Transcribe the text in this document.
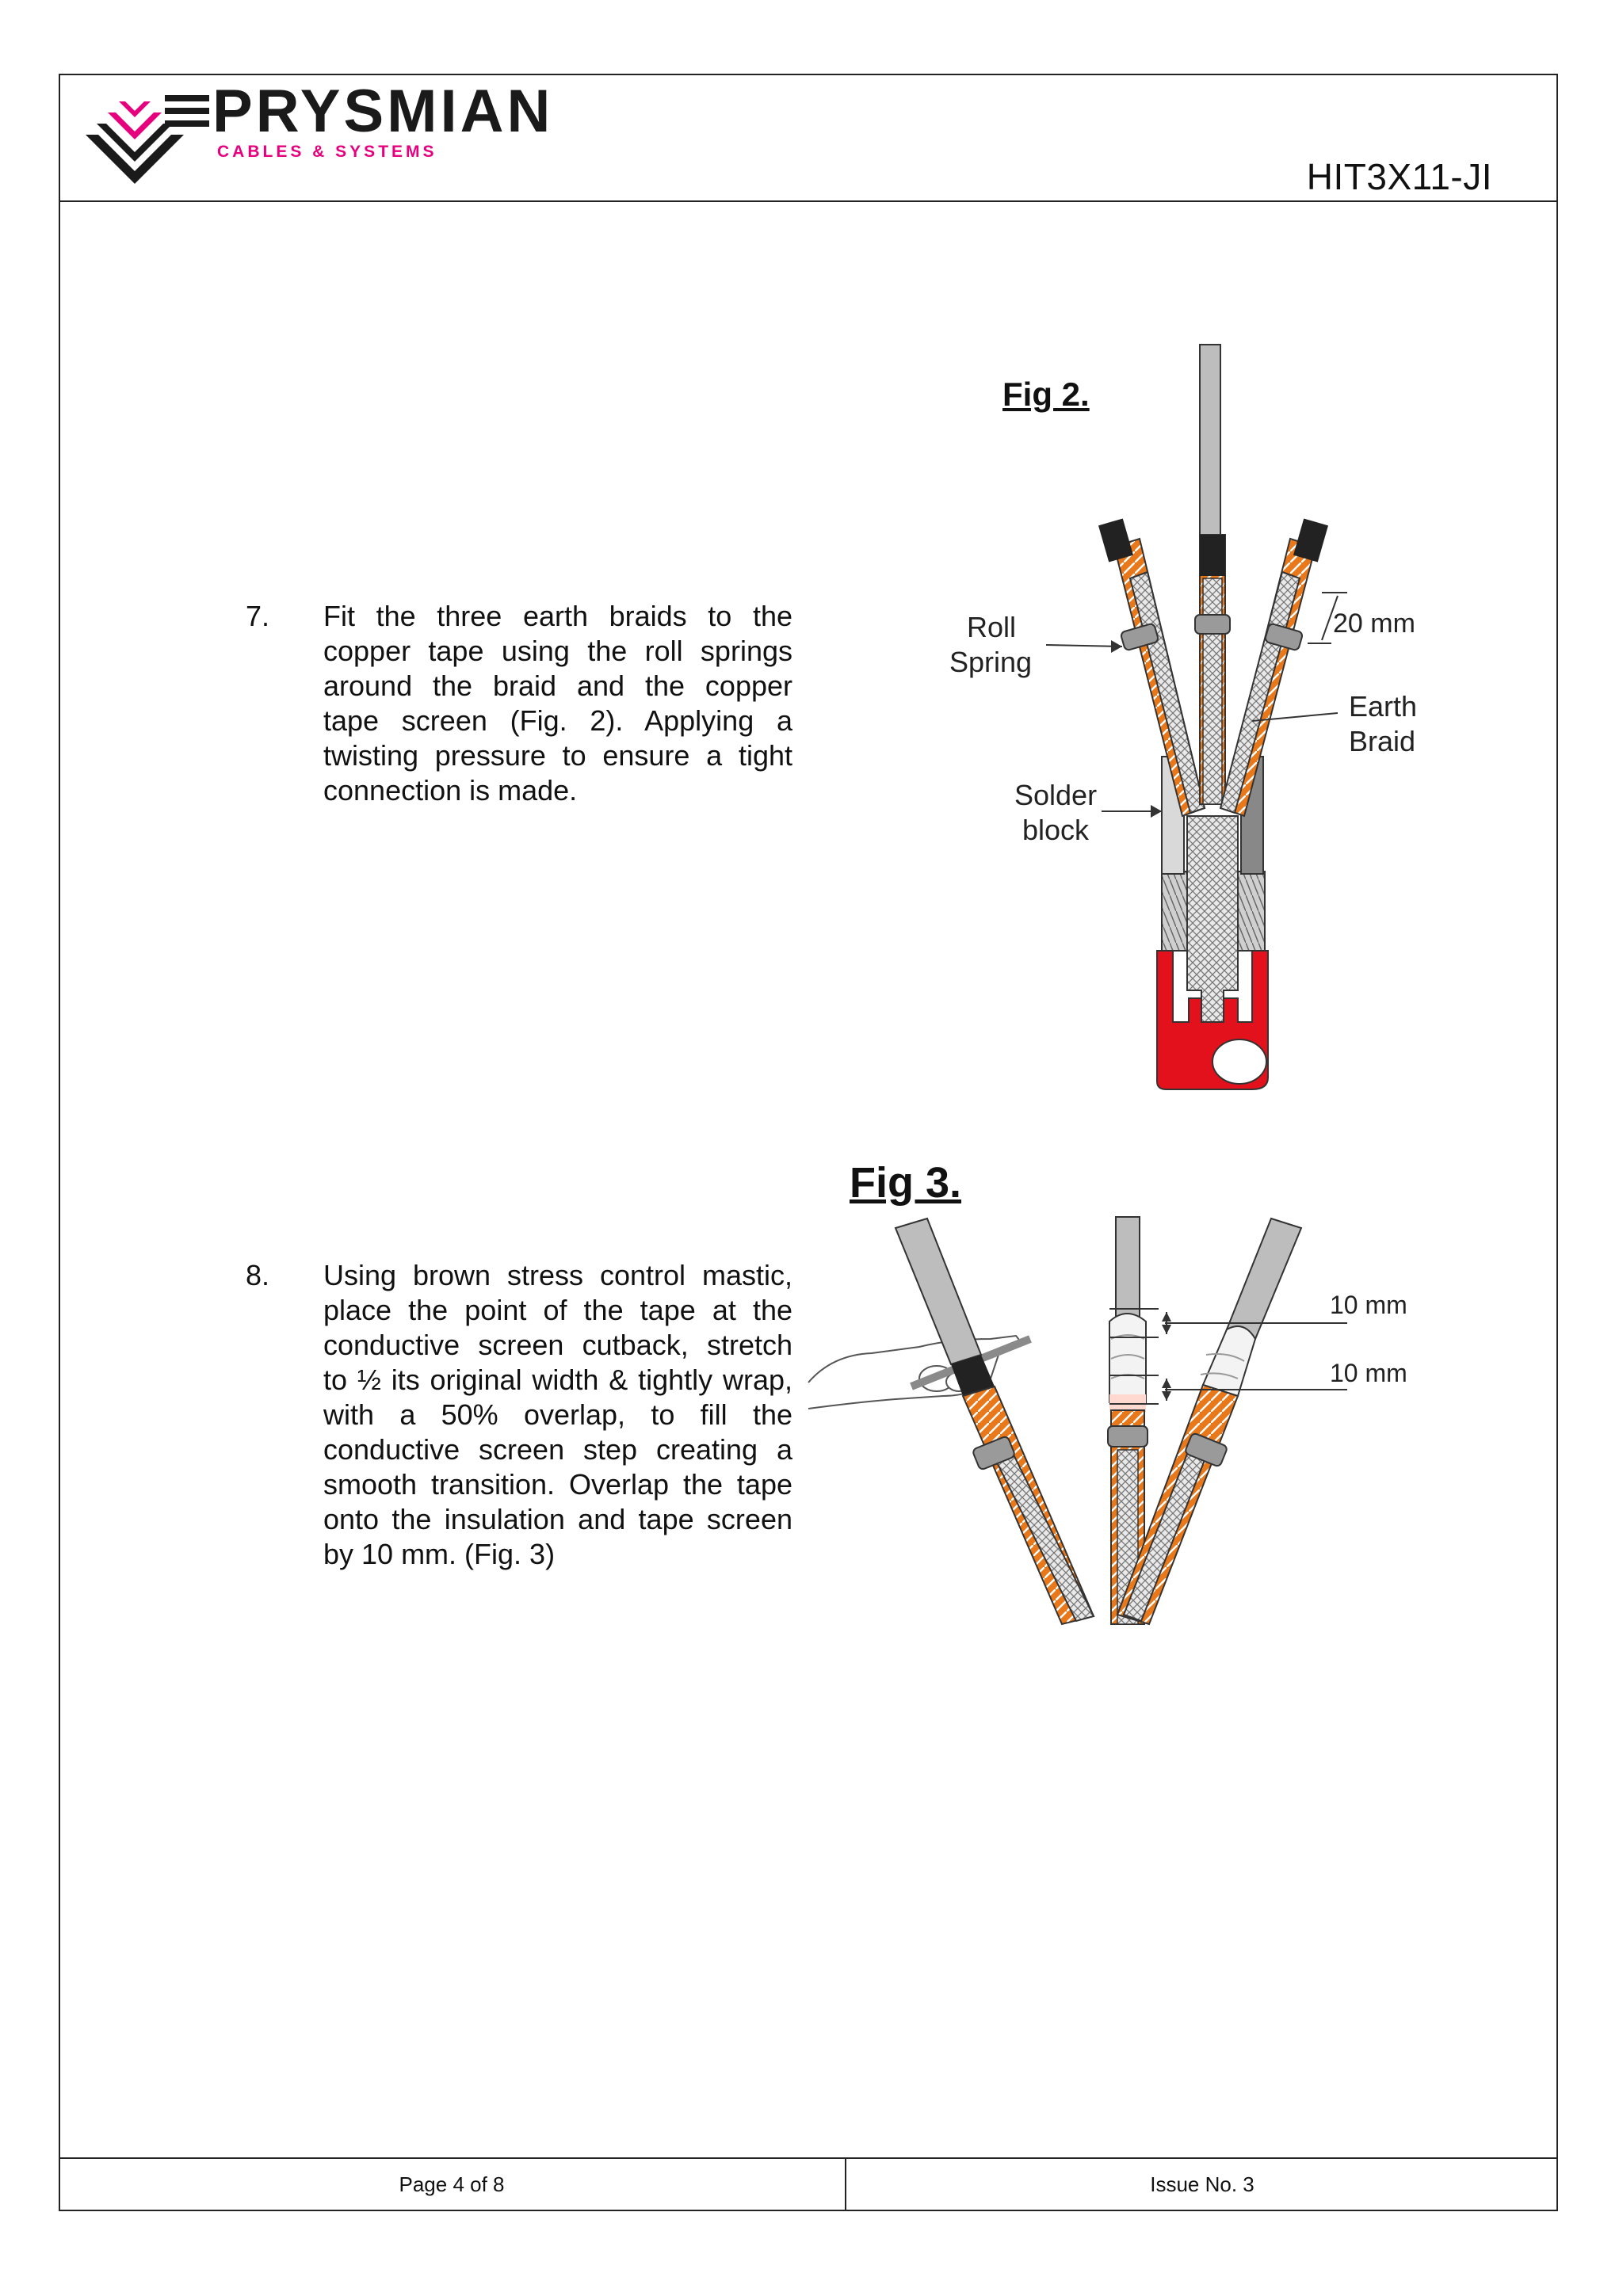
PRYSMIAN
CABLES & SYSTEMS
HIT3X11-JI
7. Fit the three earth braids to the copper tape using the roll springs around the braid and the copper tape screen (Fig. 2). Applying a twisting pressure to ensure a tight connection is made.
8. Using brown stress control mastic, place the point of the tape at the conductive screen cutback, stretch to ½ its original width & tightly wrap, with a 50% overlap, to fill the conductive screen step creating a smooth transition. Overlap the tape onto the insulation and tape screen by 10 mm. (Fig. 3)
Fig 2.
20 mm
Roll
Spring
Earth
Braid
Solder
block
Fig 3.
10 mm
10 mm
Page 4 of 8	Issue No. 3
